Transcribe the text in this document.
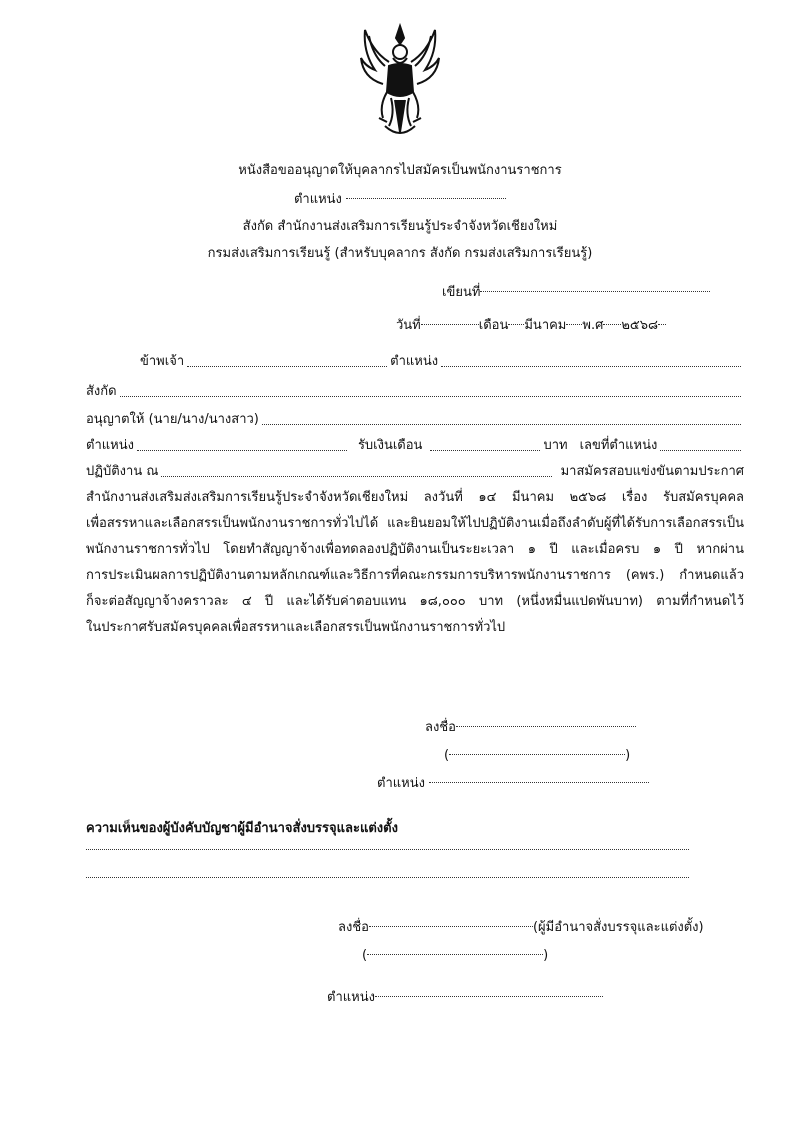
หนังสือขออนุญาตให้บุคลากรไปสมัครเป็นพนักงานราชการ
ตำแหน่ง
สังกัด สำนักงานส่งเสริมการเรียนรู้ประจำจังหวัดเชียงใหม่
กรมส่งเสริมการเรียนรู้ (สำหรับบุคลากร สังกัด กรมส่งเสริมการเรียนรู้)
เขียนที่
วันที่	เดือน มีนาคม พ.ศ ๒๕๖๘
ข้าพเจ้า	ตำแหน่ง
สังกัด
อนุญาตให้ (นาย/นาง/นางสาว)
ตำแหน่ง	รับเงินเดือน	บาท เลขที่ตำแหน่ง
ปฏิบัติงาน ณ	มาสมัครสอบแข่งขันตามประกาศ
สำนักงานส่งเสริมส่งเสริมการเรียนรู้ประจำจังหวัดเชียงใหม่ ลงวันที่ ๑๔ มีนาคม ๒๕๖๘ เรื่อง รับสมัครบุคคล
เพื่อสรรหาและเลือกสรรเป็นพนักงานราชการทั่วไปได้ และยินยอมให้ไปปฏิบัติงานเมื่อถึงลำดับผู้ที่ได้รับการเลือกสรรเป็น
พนักงานราชการทั่วไป โดยทำสัญญาจ้างเพื่อทดลองปฏิบัติงานเป็นระยะเวลา ๑ ปี และเมื่อครบ ๑ ปี หากผ่าน
การประเมินผลการปฏิบัติงานตามหลักเกณฑ์และวิธีการที่คณะกรรมการบริหารพนักงานราชการ (คพร.) กำหนดแล้ว
ก็จะต่อสัญญาจ้างคราวละ ๔ ปี และได้รับค่าตอบแทน ๑๘,๐๐๐ บาท (หนึ่งหมื่นแปดพันบาท) ตามที่กำหนดไว้
ในประกาศรับสมัครบุคคลเพื่อสรรหาและเลือกสรรเป็นพนักงานราชการทั่วไป
ลงชื่อ
(	)
ตำแหน่ง
ความเห็นของผู้บังคับบัญชาผู้มีอำนาจสั่งบรรจุและแต่งตั้ง
ลงชื่อ	(ผู้มีอำนาจสั่งบรรจุและแต่งตั้ง)
(	)
ตำแหน่ง
